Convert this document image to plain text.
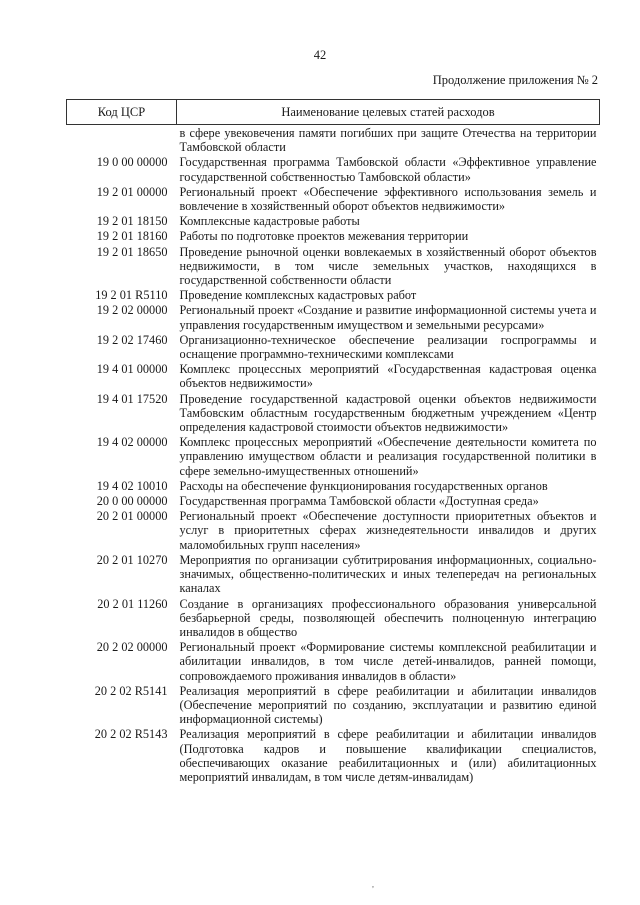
42
Продолжение приложения № 2
Код ЦСР	Наименование целевых статей расходов
	в сфере увековечения памяти погибших при защите Отечества на территории Тамбовской области
19 0 00 00000	Государственная программа Тамбовской области «Эффективное управление государственной собственностью Тамбовской области»
19 2 01 00000	Региональный проект «Обеспечение эффективного использования земель и вовлечение в хозяйственный оборот объектов недвижимости»
19 2 01 18150	Комплексные кадастровые работы
19 2 01 18160	Работы по подготовке проектов межевания территории
19 2 01 18650	Проведение рыночной оценки вовлекаемых в хозяйственный оборот объектов недвижимости, в том числе земельных участков, находящихся в государственной собственности области
19 2 01 R5110	Проведение комплексных кадастровых работ
19 2 02 00000	Региональный проект «Создание и развитие информационной системы учета и управления государственным имуществом и земельными ресурсами»
19 2 02 17460	Организационно-техническое обеспечение реализации госпрограммы и оснащение программно-техническими комплексами
19 4 01 00000	Комплекс процессных мероприятий «Государственная кадастровая оценка объектов недвижимости»
19 4 01 17520	Проведение государственной кадастровой оценки объектов недвижимости Тамбовским областным государственным бюджетным учреждением «Центр определения кадастровой стоимости объектов недвижимости»
19 4 02 00000	Комплекс процессных мероприятий «Обеспечение деятельности комитета по управлению имуществом области и реализация государственной политики в сфере земельно-имущественных отношений»
19 4 02 10010	Расходы на обеспечение функционирования государственных органов
20 0 00 00000	Государственная программа Тамбовской области «Доступная среда»
20 2 01 00000	Региональный проект «Обеспечение доступности приоритетных объектов и услуг в приоритетных сферах жизнедеятельности инвалидов и других маломобильных групп населения»
20 2 01 10270	Мероприятия по организации субтитрирования информационных, социально-значимых, общественно-политических и иных телепередач на региональных каналах
20 2 01 11260	Создание в организациях профессионального образования универсальной безбарьерной среды, позволяющей обеспечить полноценную интеграцию инвалидов в общество
20 2 02 00000	Региональный проект «Формирование системы комплексной реабилитации и абилитации инвалидов, в том числе детей-инвалидов, ранней помощи, сопровождаемого проживания инвалидов в области»
20 2 02 R5141	Реализация мероприятий в сфере реабилитации и абилитации инвалидов (Обеспечение мероприятий по созданию, эксплуатации и развитию единой информационной системы)
20 2 02 R5143	Реализация мероприятий в сфере реабилитации и абилитации инвалидов (Подготовка кадров и повышение квалификации специалистов, обеспечивающих оказание реабилитационных и (или) абилитационных мероприятий инвалидам, в том числе детям-инвалидам)
,
